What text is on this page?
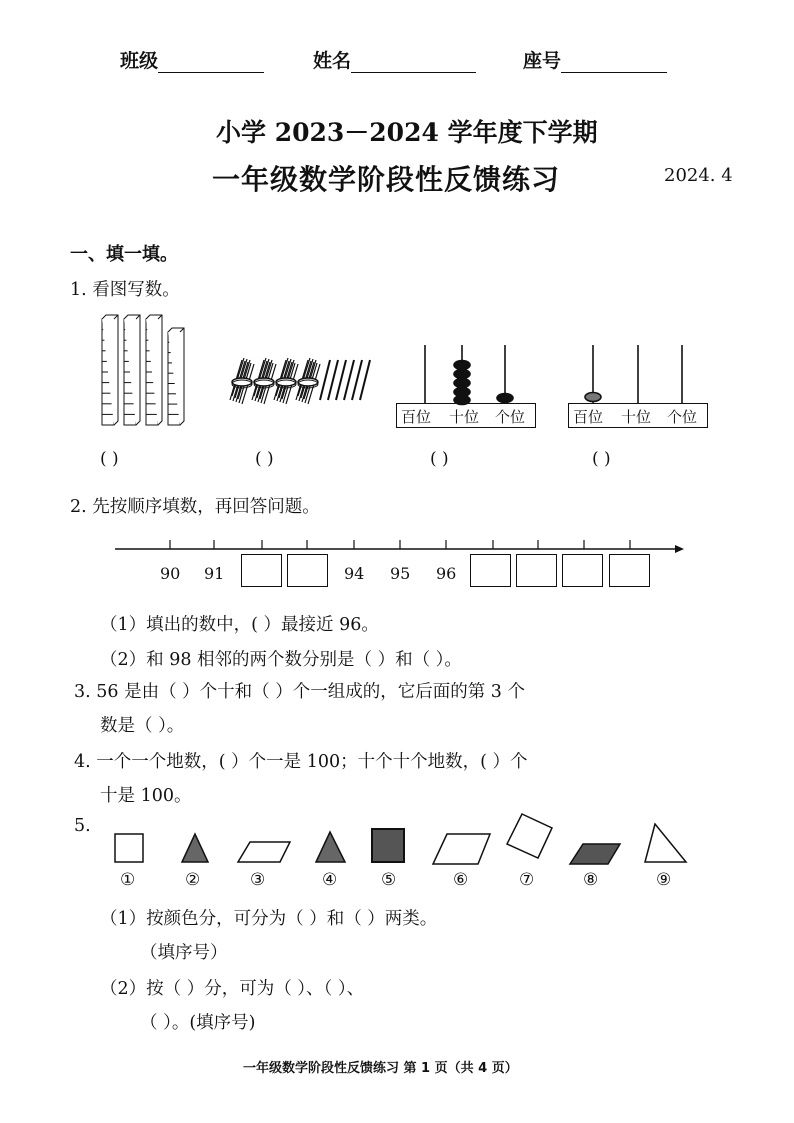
班级	姓名	座号
小学 2023－2024 学年度下学期
一年级数学阶段性反馈练习	2024. 4
一、填一填。
1. 看图写数。
百位 十位 个位	百位 十位 个位
( )	( )	( )	( )
2. 先按顺序填数，再回答问题。
90 91	94 95 96
（1）填出的数中，( ）最接近 96。
（2）和 98 相邻的两个数分别是（ ）和（ ）。
3. 56 是由（ ）个十和（ ）个一组成的，它后面的第 3 个
数是（ ）。
4. 一个一个地数，( ）个一是 100；十个十个地数，( ）个
十是 100。
5.
①	②	③	④	⑤	⑥	⑦	⑧	⑨
（1）按颜色分，可分为（ ）和（ ）两类。
（填序号）
（2）按（ ）分，可为（ ）、（ ）、
（ ）。(填序号)
一年级数学阶段性反馈练习 第 1 页（共 4 页）
